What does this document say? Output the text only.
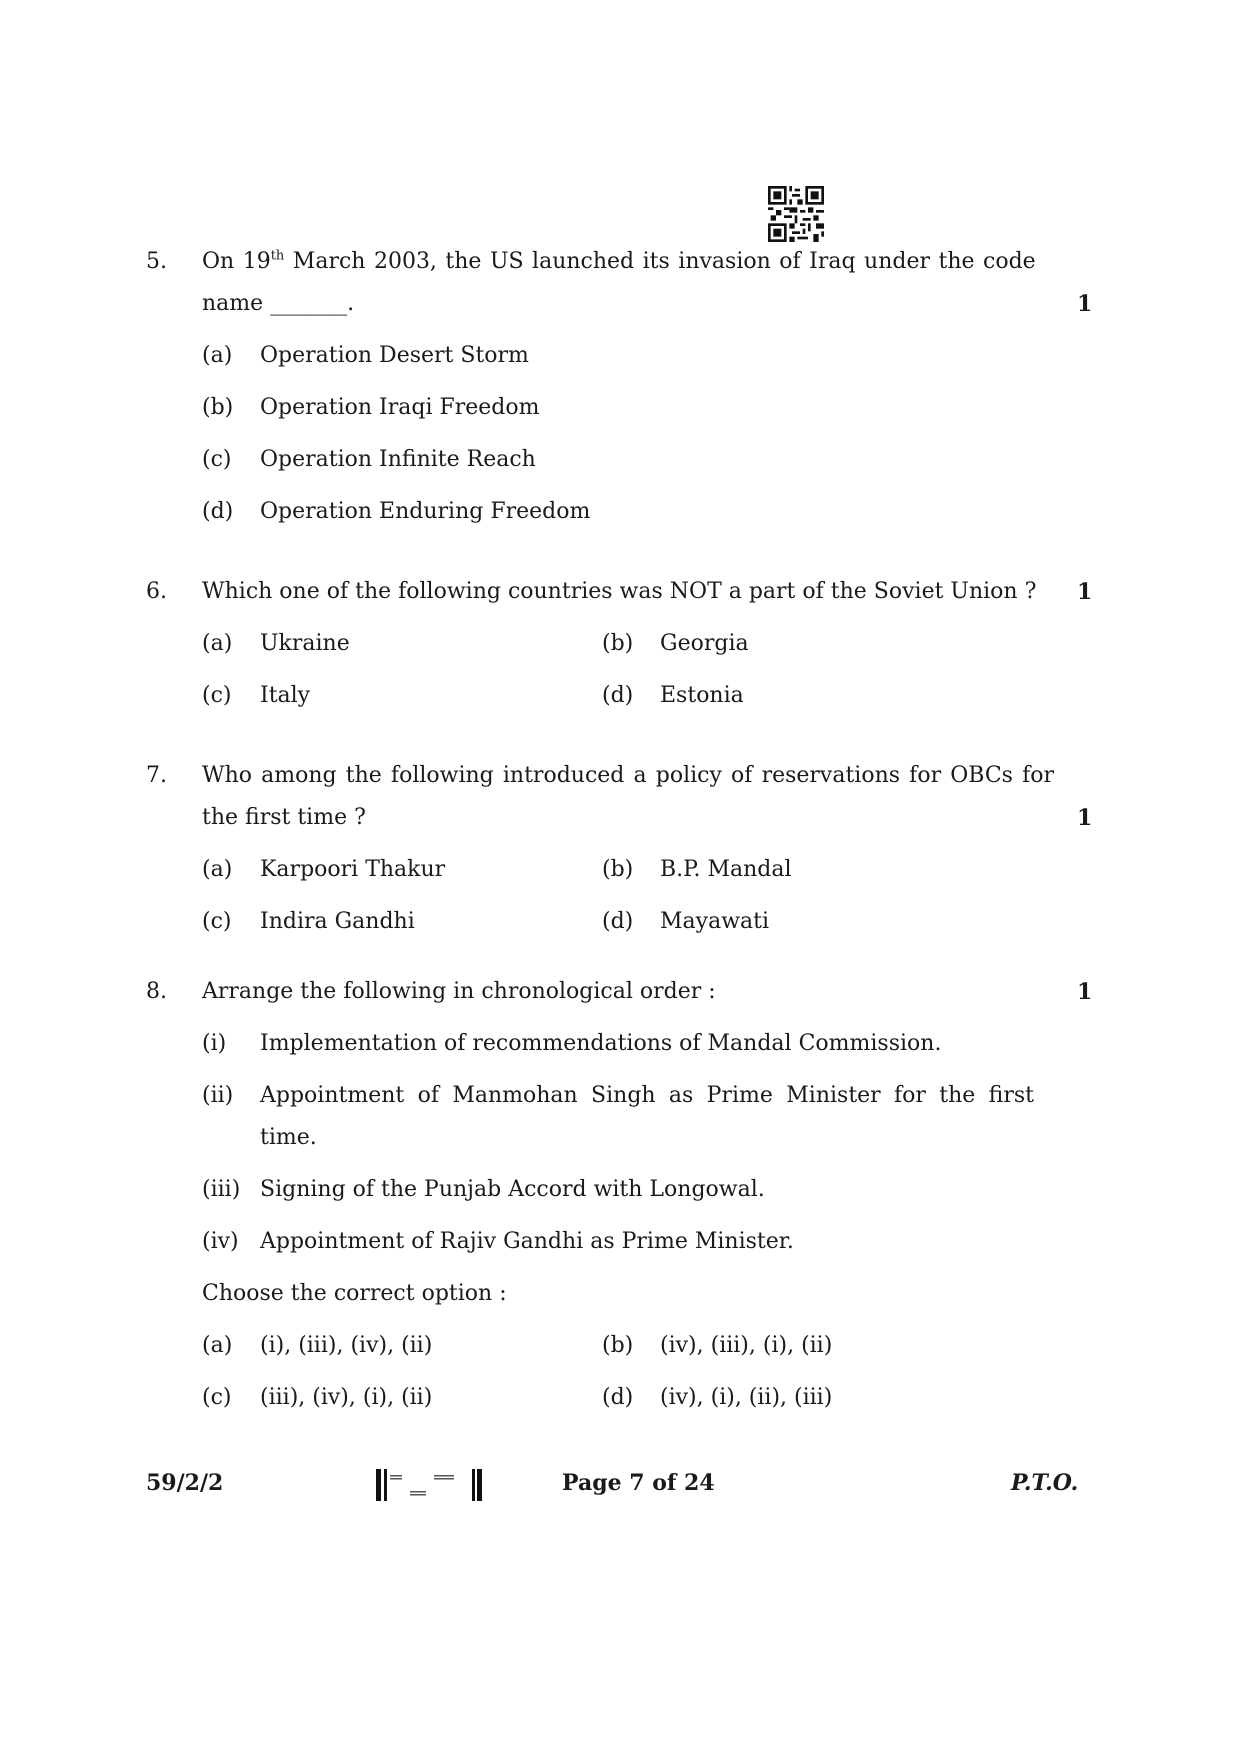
5. On 19th March 2003, the US launched its invasion of Iraq under the code
name _______.	1
(a) Operation Desert Storm
(b) Operation Iraqi Freedom
(c) Operation Infinite Reach
(d) Operation Enduring Freedom
6. Which one of the following countries was NOT a part of the Soviet Union ? 1
(a) Ukraine	(b) Georgia
(c) Italy	(d) Estonia
7. Who among the following introduced a policy of reservations for OBCs for
the first time ?	1
(a) Karpoori Thakur	(b) B.P. Mandal
(c) Indira Gandhi	(d) Mayawati
8. Arrange the following in chronological order :	1
(i) Implementation of recommendations of Mandal Commission.
(ii) Appointment of Manmohan Singh as Prime Minister for the first
time.
(iii) Signing of the Punjab Accord with Longowal.
(iv) Appointment of Rajiv Gandhi as Prime Minister.
Choose the correct option :
(a) (i), (iii), (iv), (ii)	(b) (iv), (iii), (i), (ii)
(c) (iii), (iv), (i), (ii)	(d) (iv), (i), (ii), (iii)
59/2/2	Page 7 of 24	P.T.O.
